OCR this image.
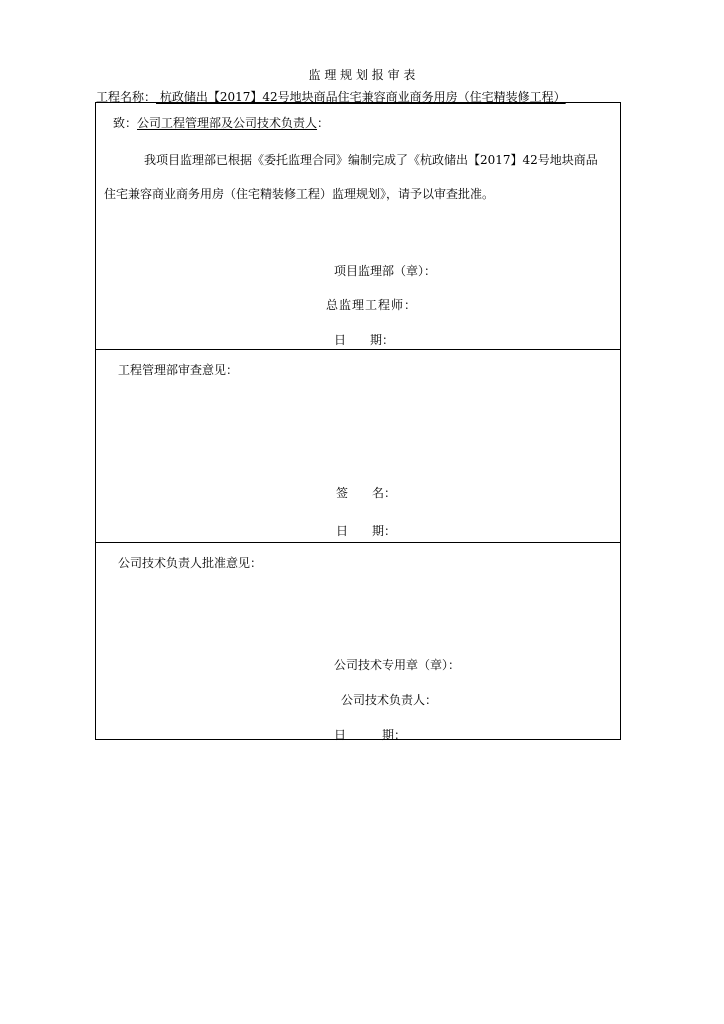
监 理 规 划 报 审 表
工程名称： 杭政储出【2017】42号地块商品住宅兼容商业商务用房（住宅精装修工程）
致：公司工程管理部及公司技术负责人：
我项目监理部已根据《委托监理合同》编制完成了《杭政储出【2017】42号地块商品
住宅兼容商业商务用房（住宅精装修工程）监理规划》，请予以审查批准。
项目监理部（章）：
总监理工程师：
日　　期：
工程管理部审查意见：
签　　名：
日　　期：
公司技术负责人批准意见：
公司技术专用章（章）：
公司技术负责人：
日　　　期：
